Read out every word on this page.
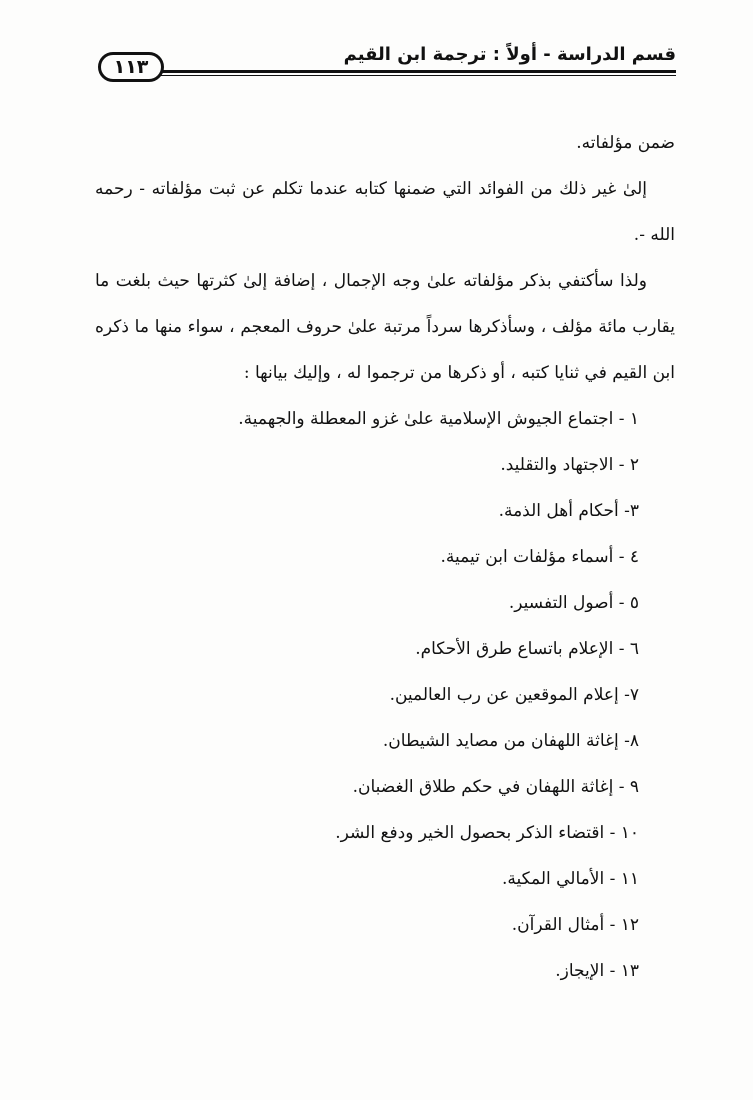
قسم الدراسة - أولاً : ترجمة ابن القيم
١١٣

ضمن مؤلفاته.

إلىٰ غير ذلك من الفوائد التي ضمنها كتابه عندما تكلم عن ثبت مؤلفاته - رحمه الله -.

ولذا سأكتفي بذكر مؤلفاته علىٰ وجه الإجمال ، إضافة إلىٰ كثرتها حيث بلغت ما يقارب مائة مؤلف ، وسأذكرها سرداً مرتبة علىٰ حروف المعجم ، سواء منها ما ذكره ابن القيم في ثنايا كتبه ، أو ذكرها من ترجموا له ، وإليك بيانها :

١ - اجتماع الجيوش الإسلامية علىٰ غزو المعطلة والجهمية.
٢ - الاجتهاد والتقليد.
٣- أحكام أهل الذمة.
٤ - أسماء مؤلفات ابن تيمية.
٥ - أصول التفسير.
٦ - الإعلام باتساع طرق الأحكام.
٧- إعلام الموقعين عن رب العالمين.
٨- إغاثة اللهفان من مصايد الشيطان.
٩ - إغاثة اللهفان في حكم طلاق الغضبان.
١٠ - اقتضاء الذكر بحصول الخير ودفع الشر.
١١ - الأمالي المكية.
١٢ - أمثال القرآن.
١٣ - الإيجاز.
